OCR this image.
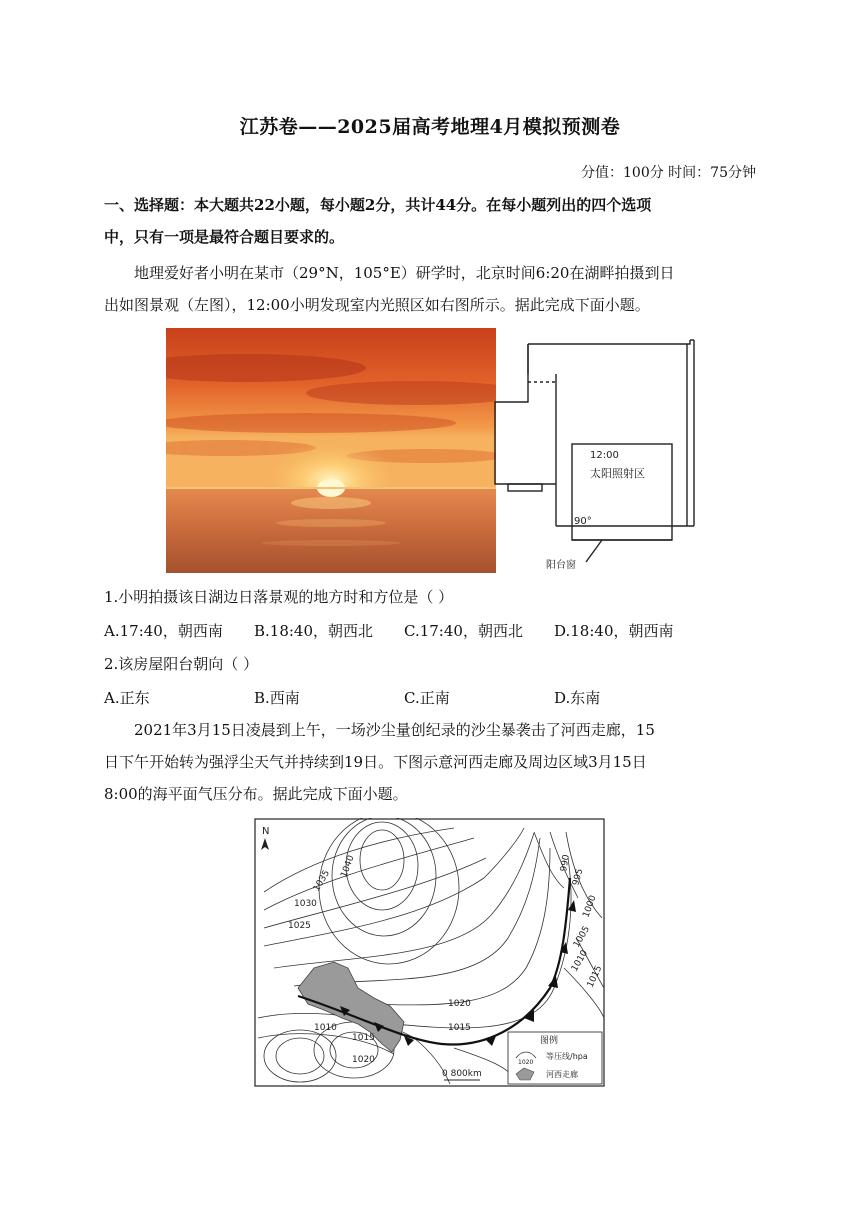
江苏卷——2025届高考地理4月模拟预测卷
分值：100分 时间：75分钟
一、选择题：本大题共22小题，每小题2分，共计44分。在每小题列出的四个选项
中，只有一项是最符合题目要求的。
地理爱好者小明在某市（29°N，105°E）研学时，北京时间6:20在湖畔拍摄到日
出如图景观（左图），12:00小明发现室内光照区如右图所示。据此完成下面小题。
12:00
太阳照射区
90°
阳台窗
1.小明拍摄该日湖边日落景观的地方时和方位是（ ）
A.17:40，朝西南 B.18:40，朝西北 C.17:40，朝西北 D.18:40，朝西南
2.该房屋阳台朝向（ ）
A.正东	B.西南	C.正南	D.东南
2021年3月15日凌晨到上午，一场沙尘量创纪录的沙尘暴袭击了河西走廊，15
日下午开始转为强浮尘天气并持续到19日。下图示意河西走廊及周边区域3月15日
8:00的海平面气压分布。据此完成下面小题。
N
1040
1035
1030
1025
1020
1015
1010
1015
1020
990
995
1000
1005
1010
1015
0 800km
图例
1020
等压线/hpa
河西走廊
